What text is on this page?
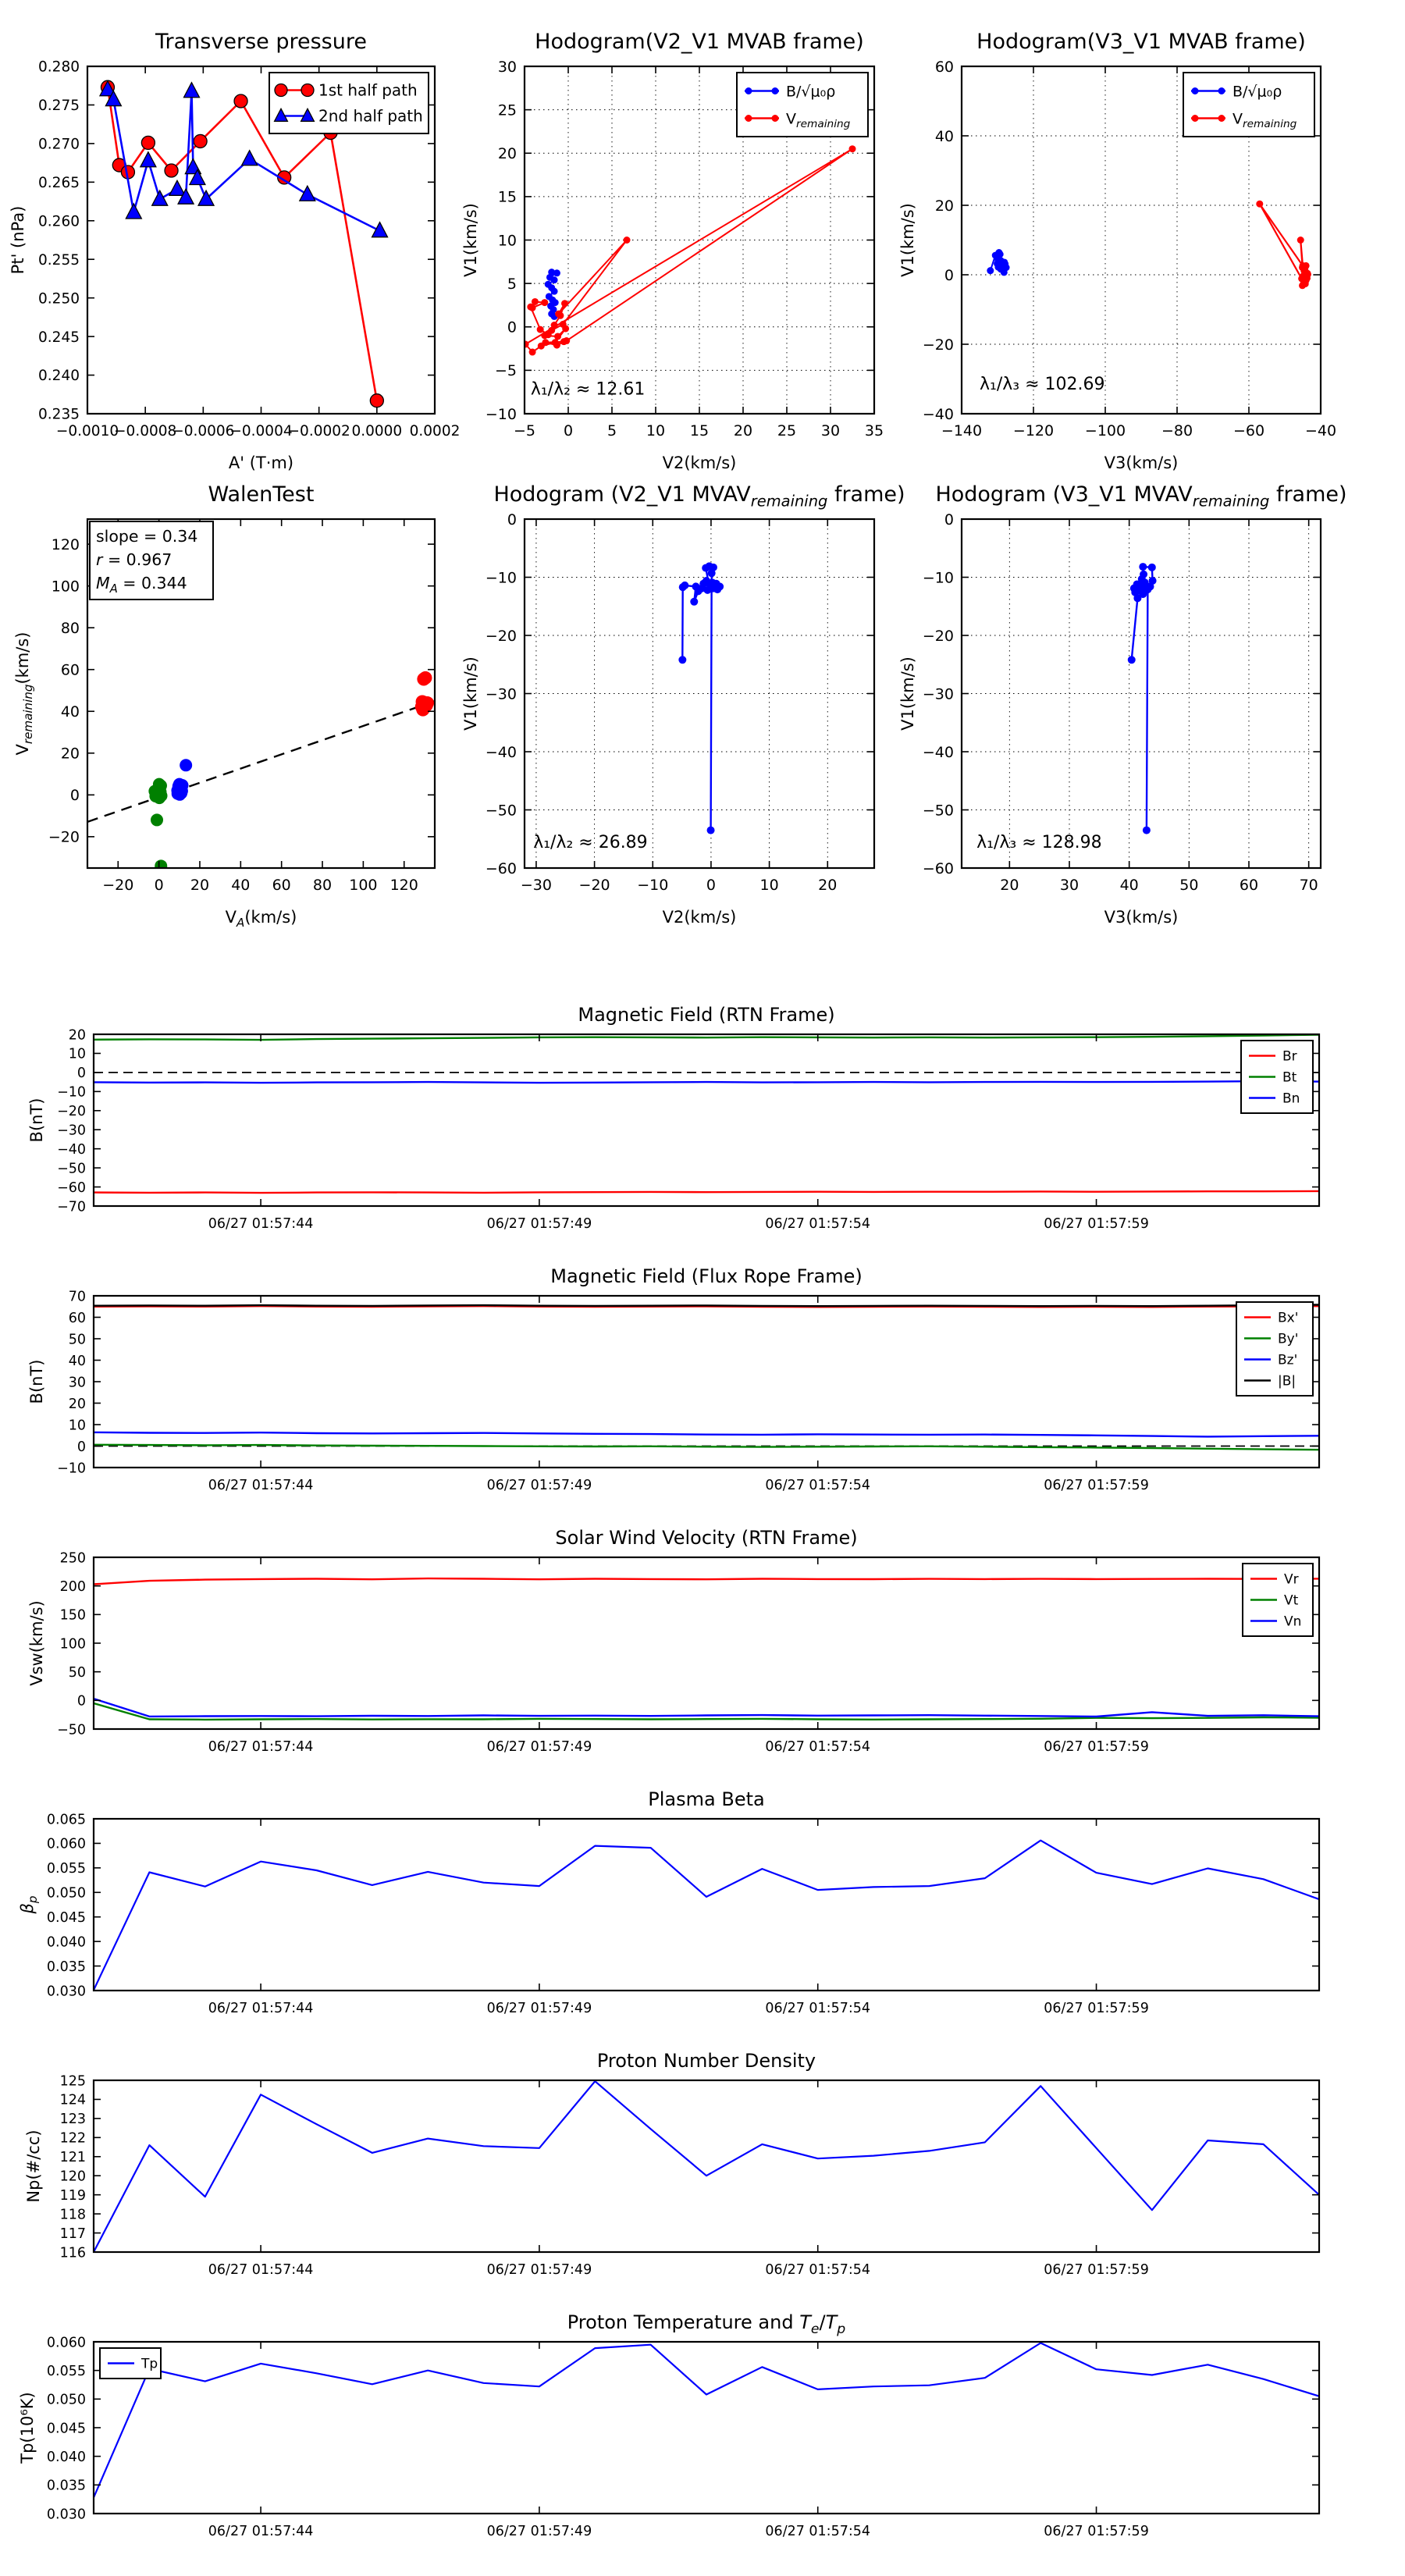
−0.0010
−0.0008
−0.0006
−0.0004
−0.0002 0.0000 0.0002
0.235
0.240
0.245
0.250
0.255
0.260
0.265
0.270
0.275
0.280
Transverse pressure
A' (T·m)
Pt' (nPa)
1st half path
2nd half path
−5 0 5 10 15 20 25 30 35
−10
−5
0
5
10
15
20
25
30
Hodogram(V2_V1 MVAB frame)
V2(km/s)
V1(km/s)
λ₁/λ₂ ≈ 12.61
B/√μ₀ρ
$V_{remaining}$
−140 −120 −100 −80	−60	−40
−40
−20
0
20
40
60
Hodogram(V3_V1 MVAB frame)
V3(km/s)
V1(km/s)
λ₁/λ₃ ≈ 102.69
B/√μ₀ρ
$V_{remaining}$
−20 0 20 40 60 80 100 120
−20
0
20
40
60
80
100
120
WalenTest
$V_A(km/s)$
$V_{remaining}(km/s)$
slope = 0.34
r = 0.967
$M_A = 0.344$
−30 −20 −10	0	10	20
−60
−50
−40
−30
−20
−10
0
Hodogram (V2_V1 $MVAV_{remaining}$ frame)
V2(km/s)
V1(km/s)
λ₁/λ₂ ≈ 26.89
20	30	40	50	60	70
−60
−50
−40
−30
−20
−10
0
Hodogram (V3_V1 $MVAV_{remaining}$ frame)
V3(km/s)
V1(km/s)
λ₁/λ₃ ≈ 128.98
06/27 01:57:44	06/27 01:57:49	06/27 01:57:54	06/27 01:57:59
−70
−60
−50
−40
−30
−20
−10
0
10
20
Magnetic Field (RTN Frame)
B(nT)
Br
Bt
Bn
06/27 01:57:44	06/27 01:57:49	06/27 01:57:54	06/27 01:57:59
−10
0
10
20
30
40
50
60
70
Magnetic Field (Flux Rope Frame)
B(nT)
Bx'
By'
Bz'
|B|
06/27 01:57:44	06/27 01:57:49	06/27 01:57:54	06/27 01:57:59
−50
0
50
100
150
200
250
Solar Wind Velocity (RTN Frame)
Vsw(km/s)
Vr
Vt
Vn
06/27 01:57:44	06/27 01:57:49	06/27 01:57:54	06/27 01:57:59
0.030
0.035
0.040
0.045
0.050
0.055
0.060
0.065
Plasma Beta
$\beta_p$
06/27 01:57:44	06/27 01:57:49	06/27 01:57:54	06/27 01:57:59
116
117
118
119
120
121
122
123
124
125
Proton Number Density
Np(#/cc)
06/27 01:57:44	06/27 01:57:49	06/27 01:57:54	06/27 01:57:59
0.030
0.035
0.040
0.045
0.050
0.055
0.060
Proton Temperature and $T_e/T_p$
Tp(10⁶K)
Tp
